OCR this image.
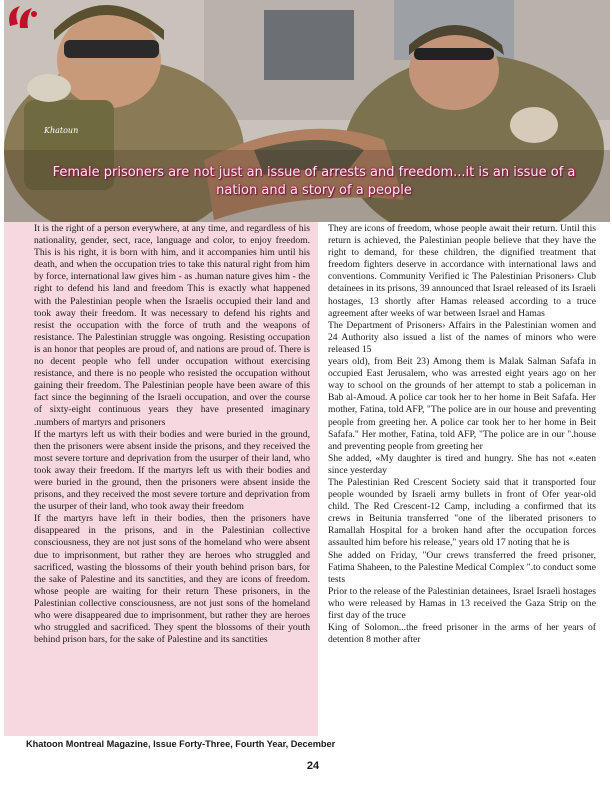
Khatoun
Female prisoners are not just an issue of arrests and freedom...it is an issue of a nation and a story of a people

It is the right of a person everywhere, at any time, and regardless of his nationality, gender, sect, race, language and color, to enjoy freedom. This is his right, it is born with him, and it accompanies him until his death, and when the occupation tries to take this natural right from him by force, international law gives him - as .human nature gives him - the right to defend his land and freedom This is exactly what happened with the Palestinian people when the Israelis occupied their land and took away their freedom. It was necessary to defend his rights and resist the occupation with the force of truth and the weapons of resistance. The Palestinian struggle was ongoing. Resisting occupation is an honor that peoples are proud of, and nations are proud of. There is no decent people who fell under occupation without exercising resistance, and there is no people who resisted the occupation without gaining their freedom. The Palestinian people have been aware of this fact since the beginning of the Israeli occupation, and over the course of sixty-eight continuous years they have presented imaginary .numbers of martyrs and prisoners

If the martyrs left us with their bodies and were buried in the ground, then the prisoners were absent inside the prisons, and they received the most severe torture and deprivation from the usurper of their land, who took away their freedom. If the martyrs left us with their bodies and were buried in the ground, then the prisoners were absent inside the prisons, and they received the most severe torture and deprivation from the usurper of their land, who took away their freedom

If the martyrs have left in their bodies, then the prisoners have disappeared in the prisons, and in the Palestinian collective consciousness, they are not just sons of the homeland who were absent due to imprisonment, but rather they are heroes who struggled and sacrificed, wasting the blossoms of their youth behind prison bars, for the sake of Palestine and its sanctities, and they are icons of freedom. whose people are waiting for their return These prisoners, in the Palestinian collective consciousness, are not just sons of the homeland who were disappeared due to imprisonment, but rather they are heroes who struggled and sacrificed. They spent the blossoms of their youth behind prison bars, for the sake of Palestine and its sanctities

They are icons of freedom, whose people await their return. Until this return is achieved, the Palestinian people believe that they have the right to demand, for these children, the dignified treatment that freedom fighters deserve in accordance with international laws and conventions. Community Verified ic The Palestinian Prisoners› Club detainees in its prisons, 39 announced that Israel released of its Israeli hostages, 13 shortly after Hamas released according to a truce agreement after weeks of war between Israel and Hamas

The Department of Prisoners› Affairs in the Palestinian women and 24 Authority also issued a list of the names of minors who were released 15

years old), from Beit 23) Among them is Malak Salman Safafa in occupied East Jerusalem, who was arrested eight years ago on her way to school on the grounds of her attempt to stab a policeman in Bab al-Amoud. A police car took her to her home in Beit Safafa. Her mother, Fatina, told AFP, "The police are in our house and preventing people from greeting her. A police car took her to her home in Beit Safafa." Her mother, Fatina, told AFP, "The police are in our ".house and preventing people from greeting her

She added, «My daughter is tired and hungry. She has not «.eaten since yesterday

The Palestinian Red Crescent Society said that it transported four people wounded by Israeli army bullets in front of Ofer year-old child. The Red Crescent-12 Camp, including a confirmed that its crews in Beitunia transferred "one of the liberated prisoners to Ramallah Hospital for a broken hand after the occupation forces assaulted him before his release," years old 17 noting that he is

She added on Friday, "Our crews transferred the freed prisoner, Fatima Shaheen, to the Palestine Medical Complex ".to conduct some tests

Prior to the release of the Palestinian detainees, Israel Israeli hostages who were released by Hamas in 13 received the Gaza Strip on the first day of the truce

King of Solomon...the freed prisoner in the arms of her years of detention 8 mother after

Khatoon Montreal Magazine, Issue Forty-Three, Fourth Year, December
24
